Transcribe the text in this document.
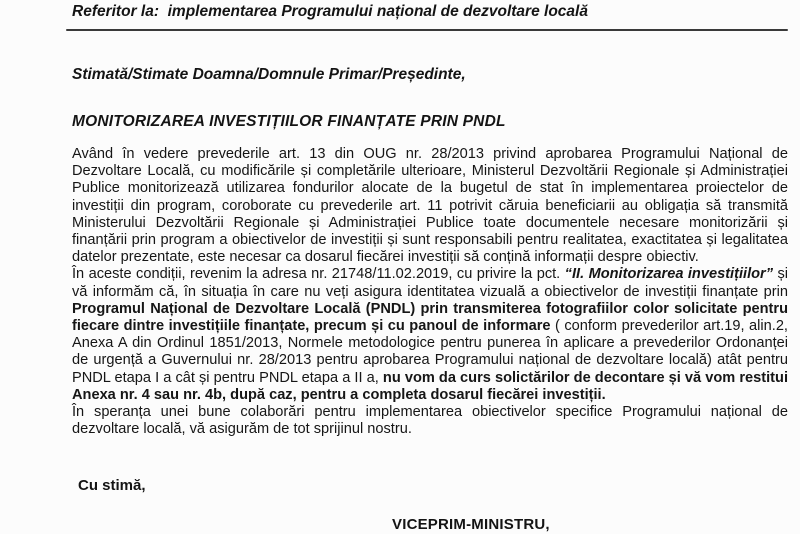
Referitor la:  implementarea Programului național de dezvoltare locală
Stimată/Stimate Doamna/Domnule Primar/Președinte,
MONITORIZAREA INVESTIȚIILOR FINANȚATE PRIN PNDL

Având în vedere prevederile art. 13 din OUG nr. 28/2013 privind aprobarea Programului Național de Dezvoltare Locală, cu modificările și completările ulterioare, Ministerul Dezvoltării Regionale și Administrației Publice monitorizează utilizarea fondurilor alocate de la bugetul de stat în implementarea proiectelor de investiții din program, coroborate cu prevederile art. 11 potrivit căruia beneficiarii au obligația să transmită Ministerului Dezvoltării Regionale și Administrației Publice toate documentele necesare monitorizării și finanțării prin program a obiectivelor de investiții și sunt responsabili pentru realitatea, exactitatea și legalitatea datelor prezentate, este necesar ca dosarul fiecărei investiții să conțină informații despre obiectiv.

În aceste condiții, revenim la adresa nr. 21748/11.02.2019, cu privire la pct. “II. Monitorizarea investițiilor” și vă informăm că, în situația în care nu veți asigura identitatea vizuală a obiectivelor de investiții finanțate prin Programul Național de Dezvoltare Locală (PNDL) prin transmiterea fotografiilor color solicitate pentru fiecare dintre investițiile finanțate, precum și cu panoul de informare ( conform prevederilor art.19, alin.2, Anexa A din Ordinul 1851/2013, Normele metodologice pentru punerea în aplicare a prevederilor Ordonanței de urgență a Guvernului nr. 28/2013 pentru aprobarea Programului național de dezvoltare locală) atât pentru PNDL etapa I a cât și pentru PNDL etapa a II a, nu vom da curs solictărilor de decontare și vă vom restitui Anexa nr. 4 sau nr. 4b, după caz, pentru a completa dosarul fiecărei investiții.

În speranța unei bune colaborări pentru implementarea obiectivelor specifice Programului național de dezvoltare locală, vă asigurăm de tot sprijinul nostru.

Cu stimă,
VICEPRIM-MINISTRU,
